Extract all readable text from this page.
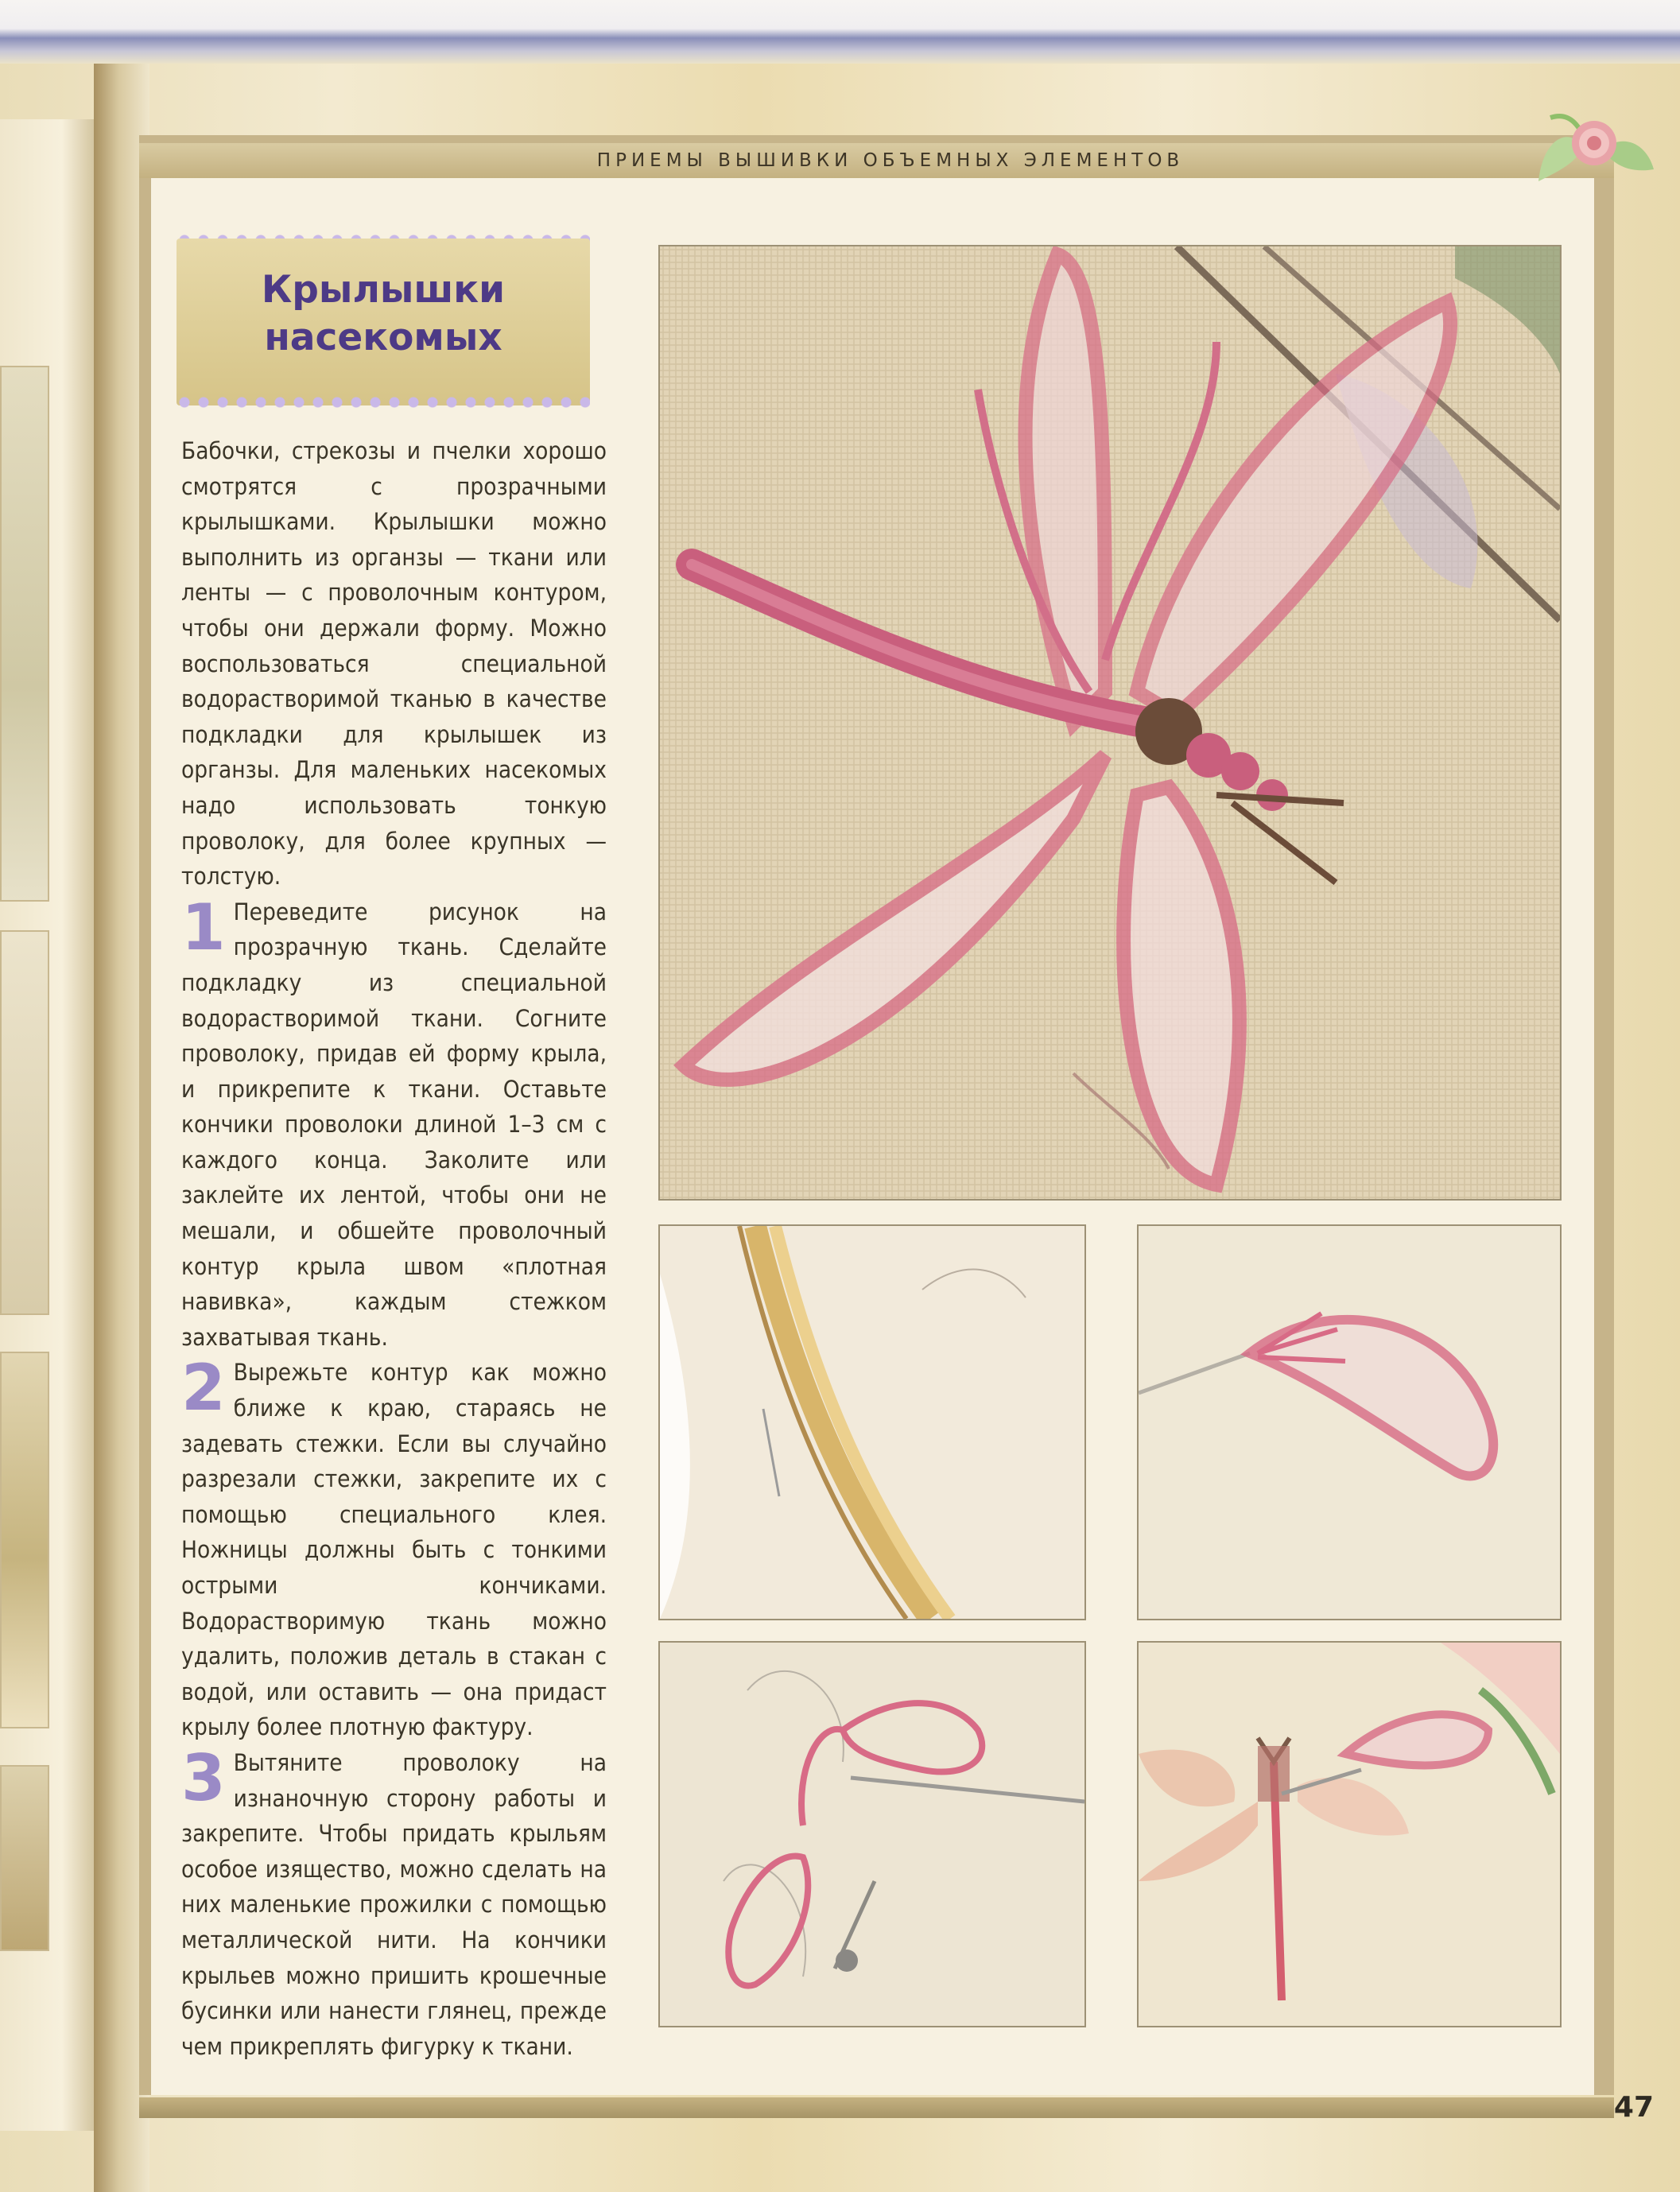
ПРИЕМЫ ВЫШИВКИ ОБЪЕМНЫХ ЭЛЕМЕНТОВ
Крылышки
насекомых

Бабочки, стрекозы и пчелки хорошо смотрятся с прозрачными крылышками. Крылышки можно выполнить из органзы — ткани или ленты — с проволочным контуром, чтобы они держали форму. Можно воспользоваться специальной водорастворимой тканью в качестве подкладки для крылышек из органзы. Для маленьких насекомых надо использовать тонкую проволоку, для более крупных — толстую.

1 Переведите рисунок на прозрачную ткань. Сделайте подкладку из специальной водорастворимой ткани. Согните проволоку, придав ей форму крыла, и прикрепите к ткани. Оставьте кончики проволоки длиной 1–3 см с каждого конца. Заколите или заклейте их лентой, чтобы они не мешали, и обшейте проволочный контур крыла швом «плотная навивка», каждым стежком захватывая ткань.

2 Вырежьте контур как можно ближе к краю, стараясь не задевать стежки. Если вы случайно разрезали стежки, закрепите их с помощью специального клея. Ножницы должны быть с тонкими острыми кончиками. Водорастворимую ткань можно удалить, положив деталь в стакан с водой, или оставить — она придаст крылу более плотную фактуру.

3 Вытяните проволоку на изнаночную сторону работы и закрепите. Чтобы придать крыльям особое изящество, можно сделать на них маленькие прожилки с помощью металлической нити. На кончики крыльев можно пришить крошечные бусинки или нанести глянец, прежде чем прикреплять фигурку к ткани.

47
